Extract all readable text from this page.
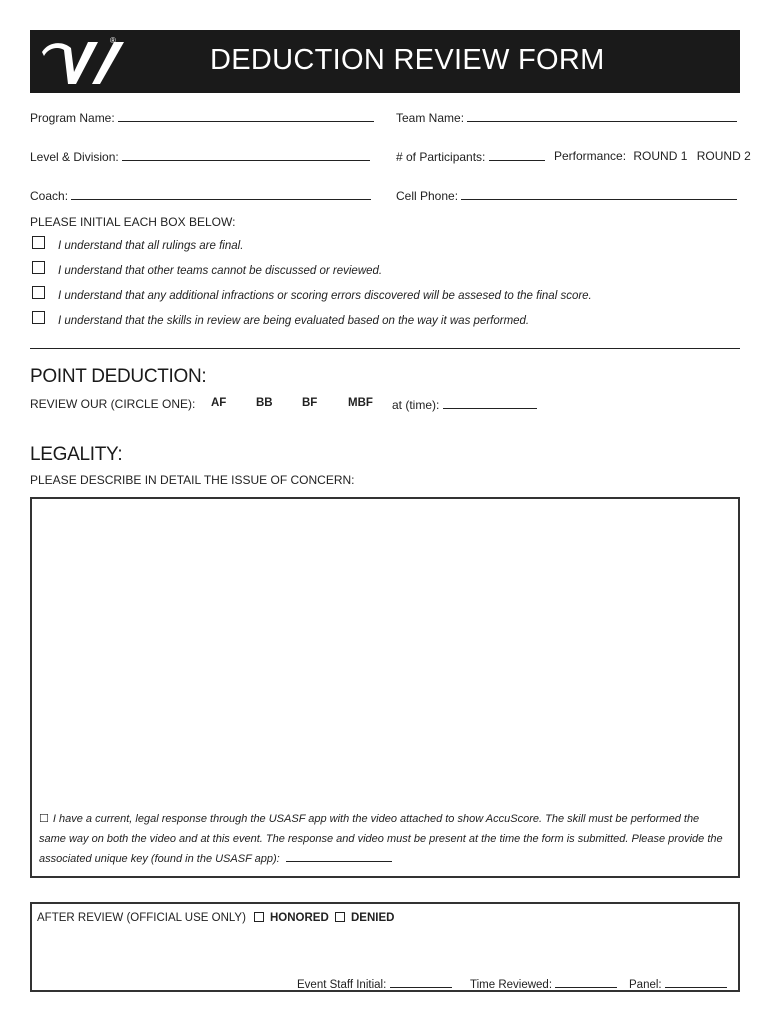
®
DEDUCTION REVIEW FORM
Program Name:	Team Name:
Level & Division:	# of Participants:	Performance: ROUND 1 ROUND 2
Coach:	Cell Phone:
PLEASE INITIAL EACH BOX BELOW:
I understand that all rulings are final.
I understand that other teams cannot be discussed or reviewed.
I understand that any additional infractions or scoring errors discovered will be assesed to the final score.
I understand that the skills in review are being evaluated based on the way it was performed.
POINT DEDUCTION:
REVIEW OUR (CIRCLE ONE): AF	BB	BF	MBF at (time):
LEGALITY:
PLEASE DESCRIBE IN DETAIL THE ISSUE OF CONCERN:
☐ I have a current, legal response through the USASF app with the video attached to show AccuScore. The skill must be performed the same way on both the video and at this event. The response and video must be present at the time the form is submitted. Please provide the associated unique key (found in the USASF app):
AFTER REVIEW (OFFICIAL USE ONLY)	HONORED	DENIED
Event Staff Initial:	Time Reviewed:	Panel:
